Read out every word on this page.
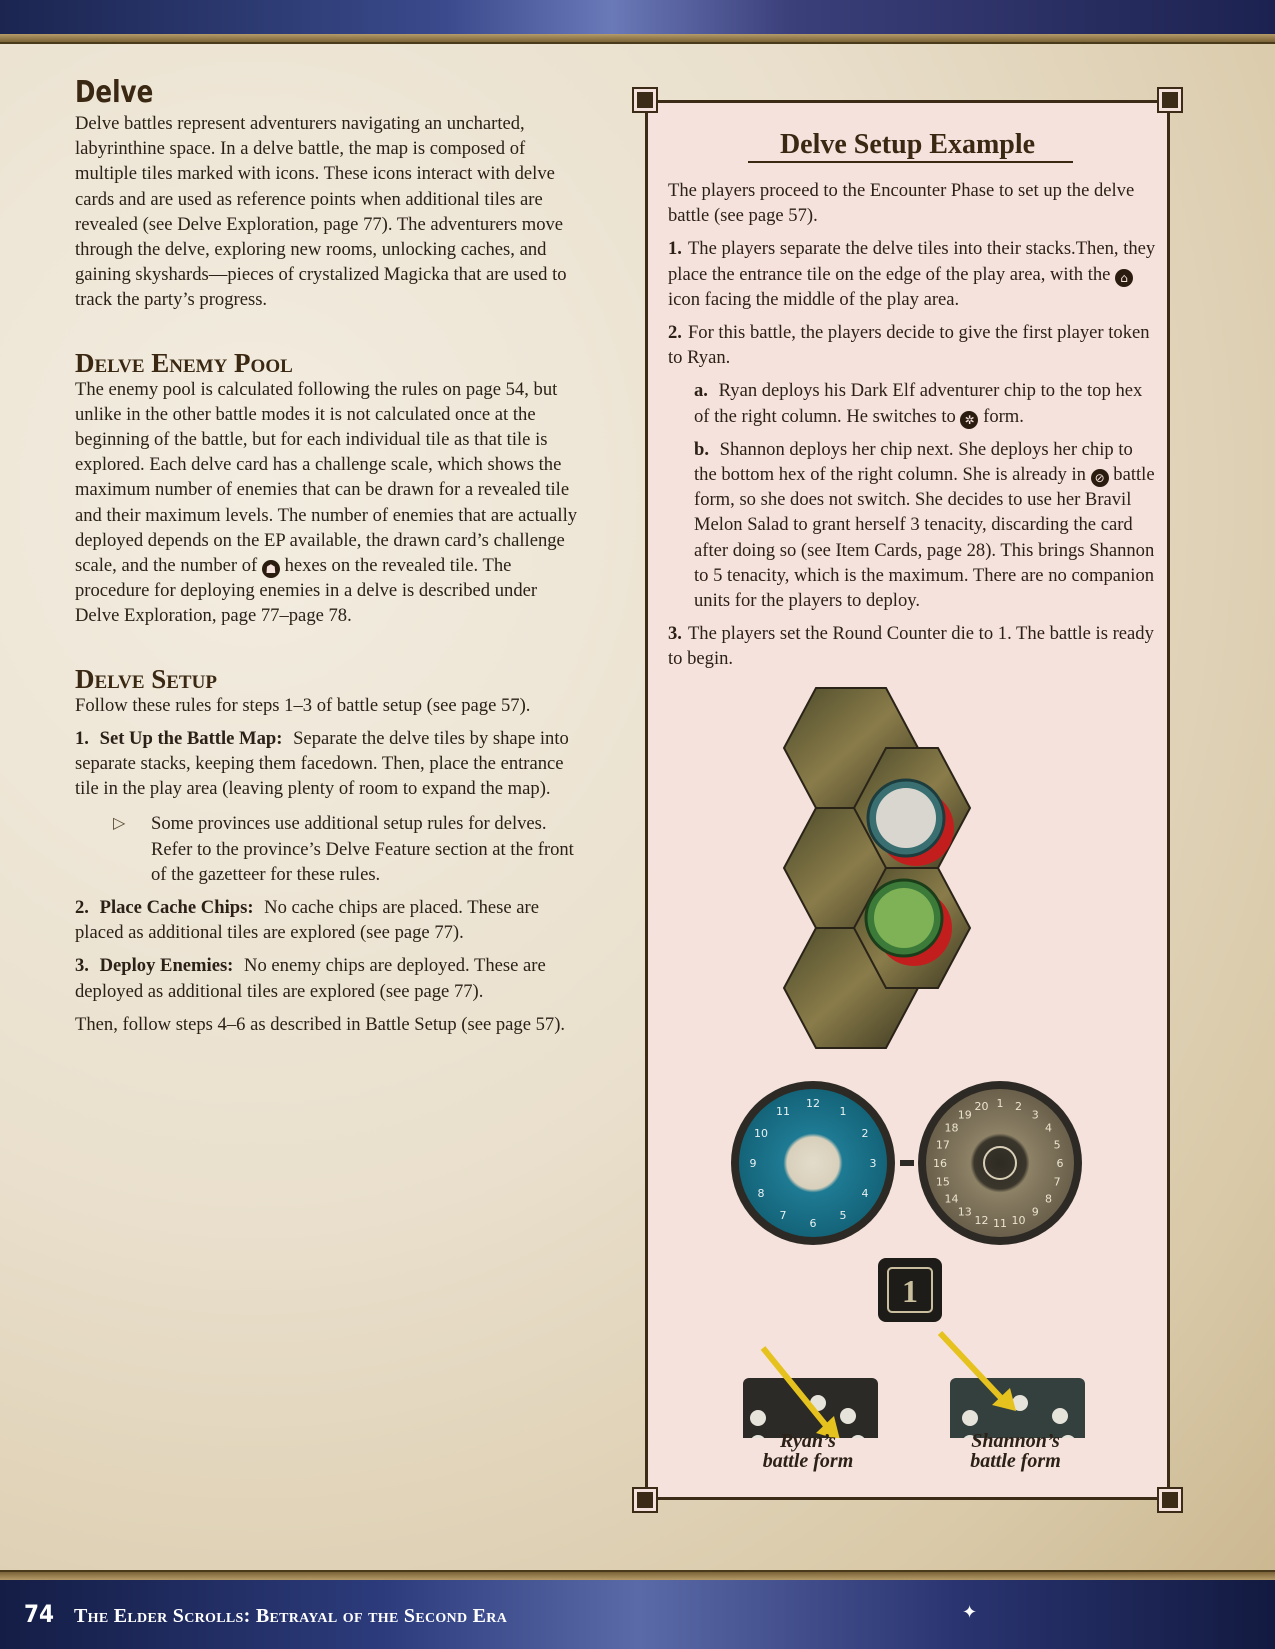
Delve

Delve battles represent adventurers navigating an uncharted, labyrinthine space. In a delve battle, the map is composed of multiple tiles marked with icons. These icons interact with delve cards and are used as reference points when additional tiles are revealed (see Delve Exploration, page 77). The adventurers move through the delve, exploring new rooms, unlocking caches, and gaining skyshards—pieces of crystalized Magicka that are used to track the party’s progress.

Delve Enemy Pool

The enemy pool is calculated following the rules on page 54, but unlike in the other battle modes it is not calculated once at the beginning of the battle, but for each individual tile as that tile is explored. Each delve card has a challenge scale, which shows the maximum number of enemies that can be drawn for a revealed tile and their maximum levels. The number of enemies that are actually deployed depends on the EP available, the drawn card’s challenge scale, and the number of ☗ hexes on the revealed tile. The procedure for deploying enemies in a delve is described under Delve Exploration, page 77–page 78.

Delve Setup

Follow these rules for steps 1–3 of battle setup (see page 57).

1. Set Up the Battle Map: Separate the delve tiles by shape into separate stacks, keeping them facedown. Then, place the entrance tile in the play area (leaving plenty of room to expand the map).

▷	Some provinces use additional setup rules for delves. Refer to the province’s Delve Feature section at the front of the gazetteer for these rules.

2. Place Cache Chips: No cache chips are placed. These are placed as additional tiles are explored (see page 77).

3. Deploy Enemies: No enemy chips are deployed. These are deployed as additional tiles are explored (see page 77).

Then, follow steps 4–6 as described in Battle Setup (see page 57).

Delve Setup Example

The players proceed to the Encounter Phase to set up the delve battle (see page 57).

1. The players separate the delve tiles into their stacks.Then, they place the entrance tile on the edge of the play area, with the ⌂ icon facing the middle of the play area.

2. For this battle, the players decide to give the first player token to Ryan.

a. Ryan deploys his Dark Elf adventurer chip to the top hex of the right column. He switches to ✲ form.

b. Shannon deploys her chip next. She deploys her chip to the bottom hex of the right column. She is already in ⊘ battle form, so she does not switch. She decides to use her Bravil Melon Salad to grant herself 3 tenacity, discarding the card after doing so (see Item Cards, page 28). This brings Shannon to 5 tenacity, which is the maximum. There are no companion units for the players to deploy.

3. The players set the Round Counter die to 1. The battle is ready to begin.

12
1
2
3
4
5
6
7
8
9
10
11
1 2
3
4
5
6
7
8
9
10
11
12
13
14
15
16
17
18
19
20
1
Ryan’s
battle form
Shannon’s
battle form
74 The Elder Scrolls: Betrayal of the Second Era	✦
